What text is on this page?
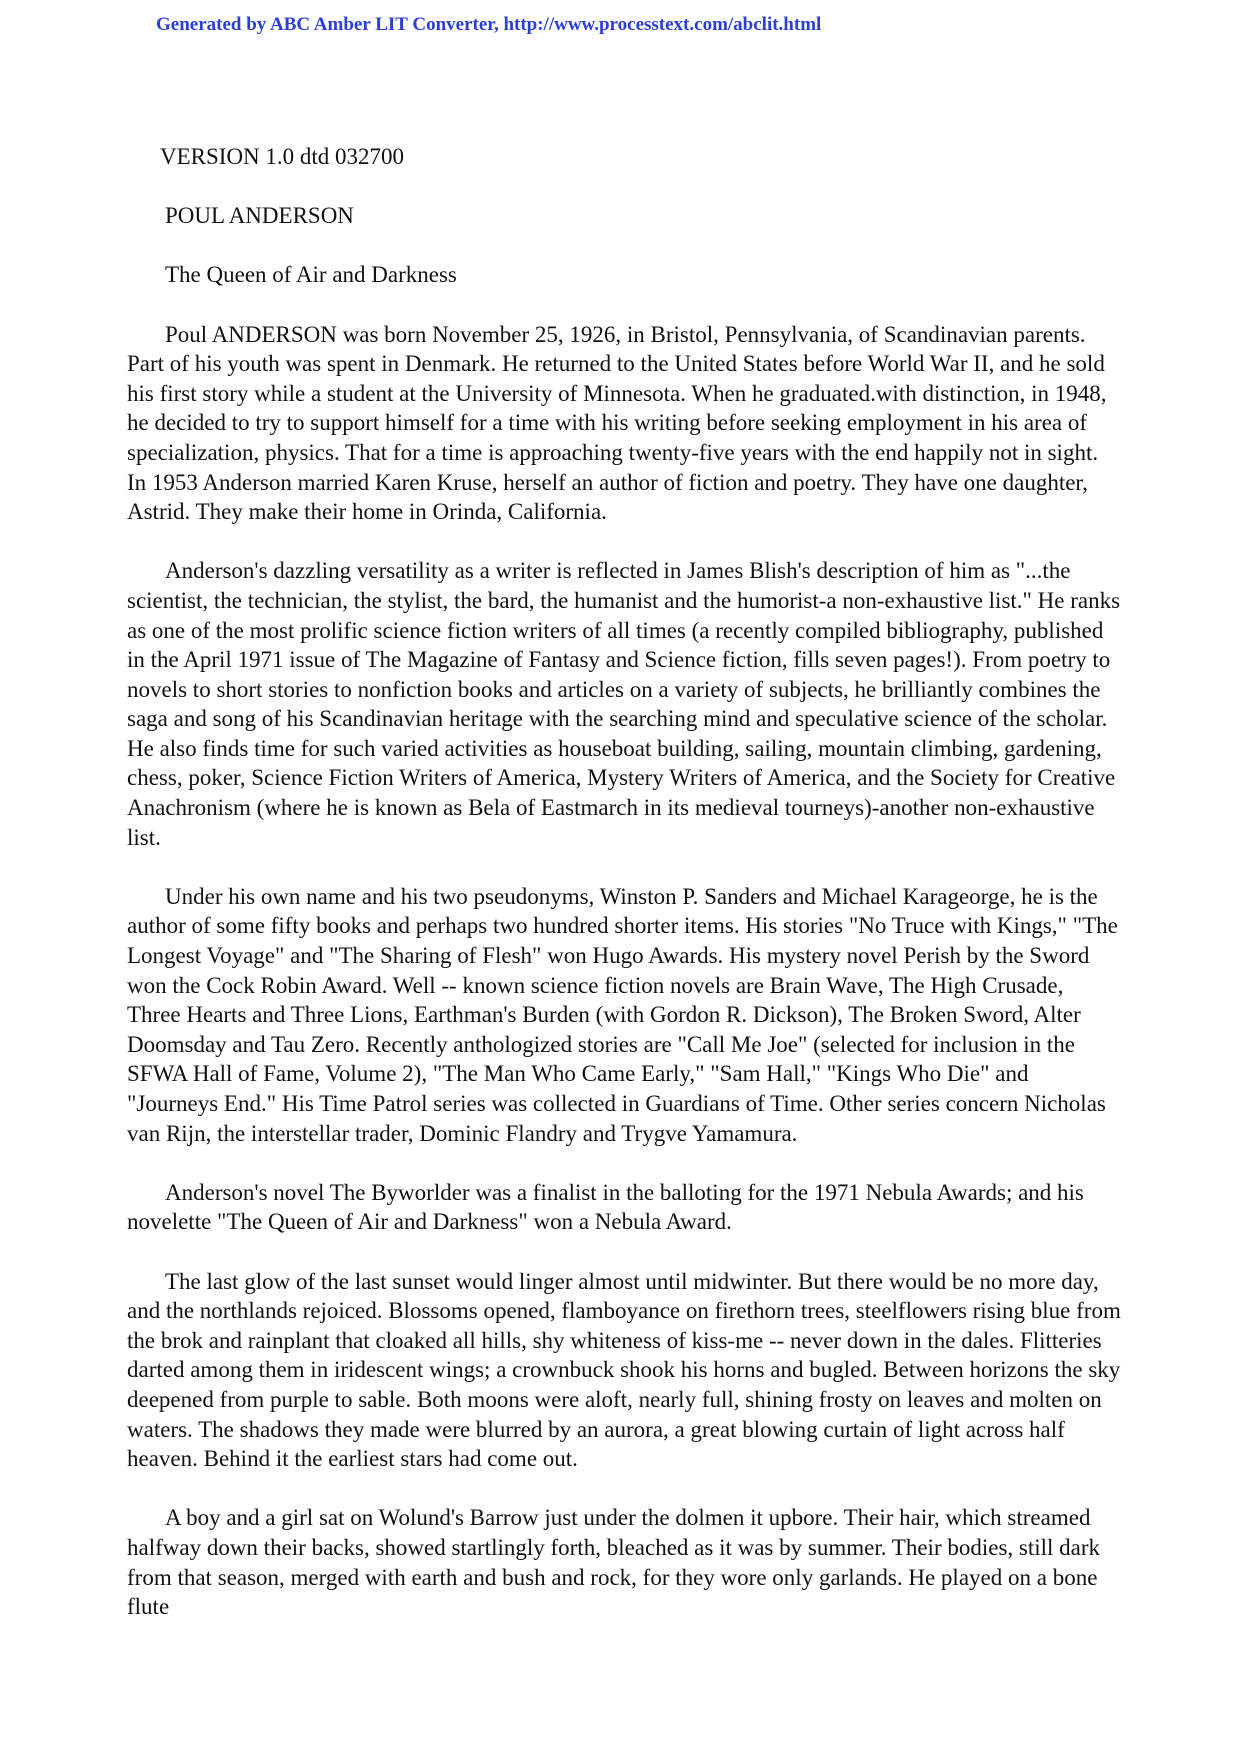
Generated by ABC Amber LIT Converter, http://www.processtext.com/abclit.html

VERSION 1.0 dtd 032700

POUL ANDERSON

The Queen of Air and Darkness

Poul ANDERSON was born November 25, 1926, in Bristol, Pennsylvania, of Scandinavian parents. Part of his youth was spent in Denmark. He returned to the United States before World War II, and he sold his first story while a student at the University of Minnesota. When he graduated.with distinction, in 1948, he decided to try to support himself for a time with his writing before seeking employment in his area of specialization, physics. That for a time is approaching twenty-five years with the end happily not in sight. In 1953 Anderson married Karen Kruse, herself an author of fiction and poetry. They have one daughter, Astrid. They make their home in Orinda, California.

Anderson's dazzling versatility as a writer is reflected in James Blish's description of him as "...the scientist, the technician, the stylist, the bard, the humanist and the humorist-a non-exhaustive list." He ranks as one of the most prolific science fiction writers of all times (a recently compiled bibliography, published in the April 1971 issue of The Magazine of Fantasy and Science fiction, fills seven pages!). From poetry to novels to short stories to nonfiction books and articles on a variety of subjects, he brilliantly combines the saga and song of his Scandinavian heritage with the searching mind and speculative science of the scholar. He also finds time for such varied activities as houseboat building, sailing, mountain climbing, gardening, chess, poker, Science Fiction Writers of America, Mystery Writers of America, and the Society for Creative Anachronism (where he is known as Bela of Eastmarch in its medieval tourneys)-another non-exhaustive list.

Under his own name and his two pseudonyms, Winston P. Sanders and Michael Karageorge, he is the author of some fifty books and perhaps two hundred shorter items. His stories "No Truce with Kings," "The Longest Voyage" and "The Sharing of Flesh" won Hugo Awards. His mystery novel Perish by the Sword won the Cock Robin Award. Well -- known science fiction novels are Brain Wave, The High Crusade, Three Hearts and Three Lions, Earthman's Burden (with Gordon R. Dickson), The Broken Sword, Alter Doomsday and Tau Zero. Recently anthologized stories are "Call Me Joe" (selected for inclusion in the SFWA Hall of Fame, Volume 2), "The Man Who Came Early," "Sam Hall," "Kings Who Die" and "Journeys End." His Time Patrol series was collected in Guardians of Time. Other series concern Nicholas van Rijn, the interstellar trader, Dominic Flandry and Trygve Yamamura.

Anderson's novel The Byworlder was a finalist in the balloting for the 1971 Nebula Awards; and his novelette "The Queen of Air and Darkness" won a Nebula Award.

The last glow of the last sunset would linger almost until midwinter. But there would be no more day, and the northlands rejoiced. Blossoms opened, flamboyance on firethorn trees, steelflowers rising blue from the brok and rainplant that cloaked all hills, shy whiteness of kiss-me -- never down in the dales. Flitteries darted among them in iridescent wings; a crownbuck shook his horns and bugled. Between horizons the sky deepened from purple to sable. Both moons were aloft, nearly full, shining frosty on leaves and molten on waters. The shadows they made were blurred by an aurora, a great blowing curtain of light across half heaven. Behind it the earliest stars had come out.

A boy and a girl sat on Wolund's Barrow just under the dolmen it upbore. Their hair, which streamed halfway down their backs, showed startlingly forth, bleached as it was by summer. Their bodies, still dark from that season, merged with earth and bush and rock, for they wore only garlands. He played on a bone flute
